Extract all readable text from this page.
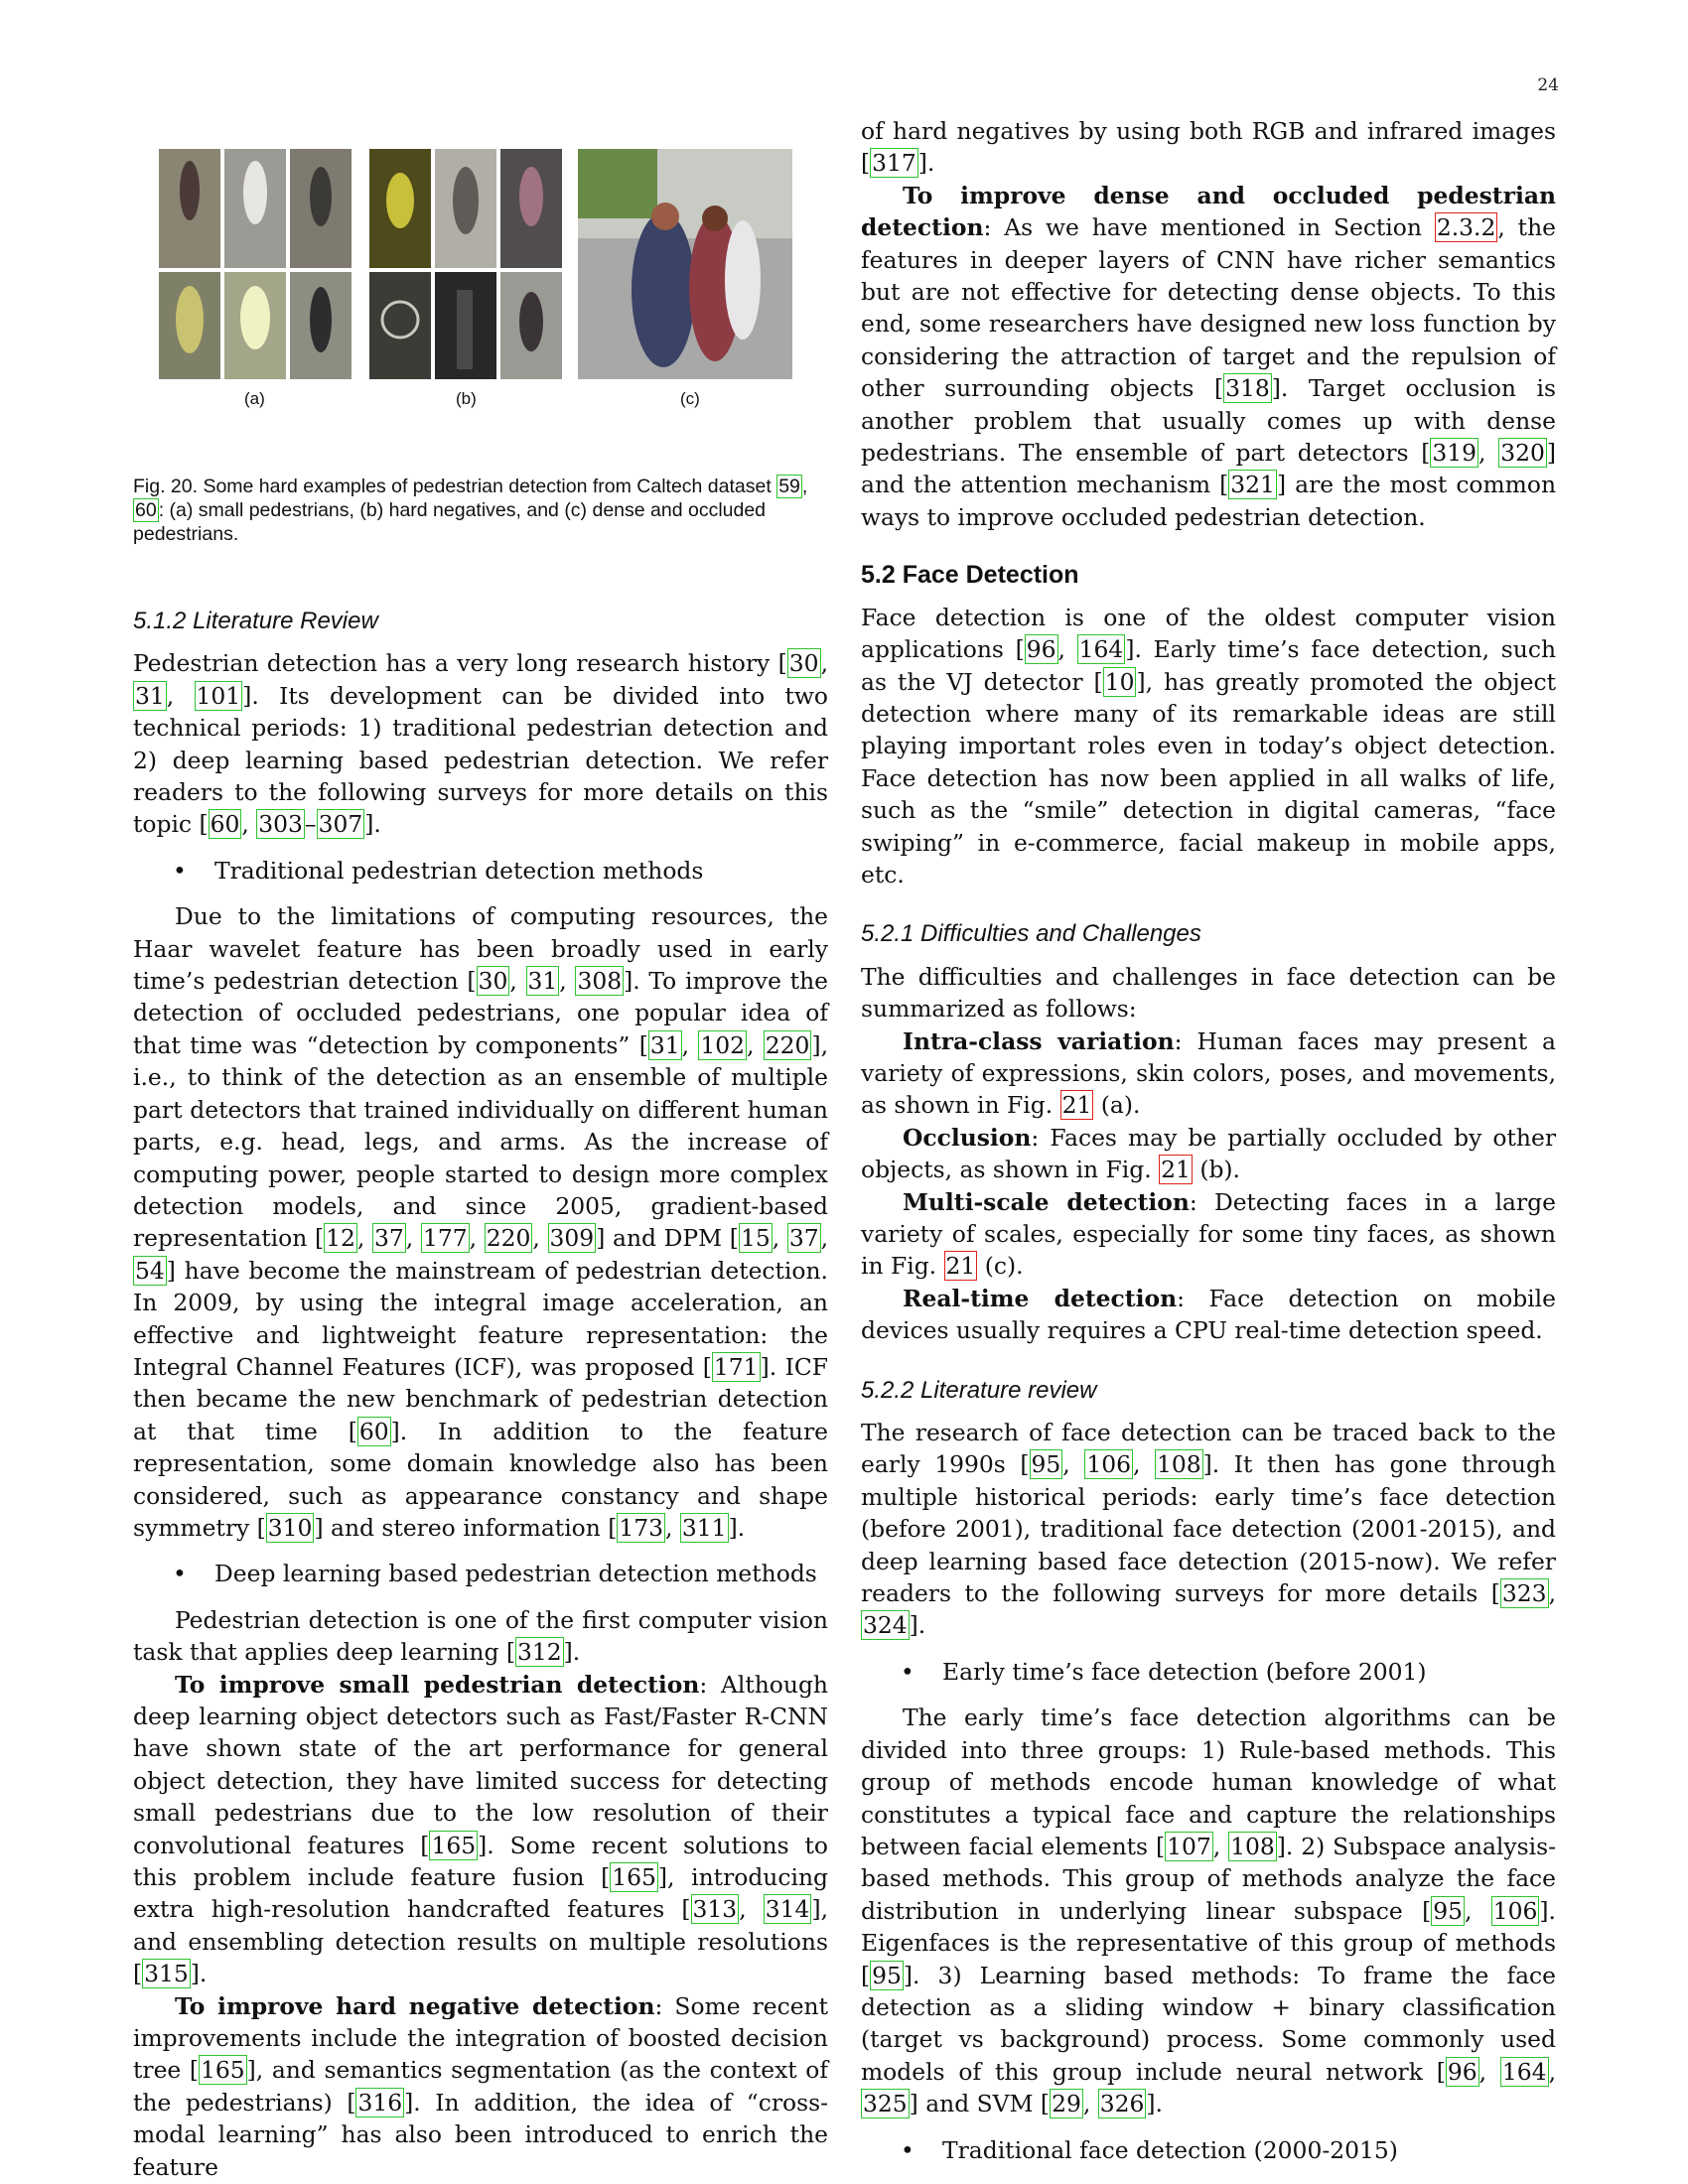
24
(a)	(b)	(c)
Fig. 20. Some hard examples of pedestrian detection from Caltech dataset 59 , 60 : (a) small pedestrians, (b) hard negatives, and (c) dense and occluded pedestrians.
5.1.2 Literature Review

Pedestrian detection has a very long research history [30, 31, 101]. Its development can be divided into two technical periods: 1) traditional pedestrian detection and 2) deep learning based pedestrian detection. We refer readers to the following surveys for more details on this topic [60, 303–307].

• Traditional pedestrian detection methods

Due to the limitations of computing resources, the Haar wavelet feature has been broadly used in early time’s pedestrian detection [30, 31, 308]. To improve the detection of occluded pedestrians, one popular idea of that time was “detection by components” [31, 102, 220], i.e., to think of the detection as an ensemble of multiple part detectors that trained individually on different human parts, e.g. head, legs, and arms. As the increase of computing power, people started to design more complex detection models, and since 2005, gradient-based representation [12, 37, 177, 220, 309] and DPM [15, 37, 54] have become the mainstream of pedestrian detection. In 2009, by using the integral image acceleration, an effective and lightweight feature representation: the Integral Channel Features (ICF), was proposed [171]. ICF then became the new benchmark of pedestrian detection at that time [60]. In addition to the feature representation, some domain knowledge also has been considered, such as appearance constancy and shape symmetry [310] and stereo information [173, 311].

• Deep learning based pedestrian detection methods

Pedestrian detection is one of the first computer vision task that applies deep learning [312].

To improve small pedestrian detection: Although deep learning object detectors such as Fast/Faster R-CNN have shown state of the art performance for general object detection, they have limited success for detecting small pedestrians due to the low resolution of their convolutional features [165]. Some recent solutions to this problem include feature fusion [165], introducing extra high-resolution handcrafted features [313, 314], and ensembling detection results on multiple resolutions [315].

To improve hard negative detection: Some recent improvements include the integration of boosted decision tree [165], and semantics segmentation (as the context of the pedestrians) [316]. In addition, the idea of “cross-modal learning” has also been introduced to enrich the feature

of hard negatives by using both RGB and infrared images [317].

To improve dense and occluded pedestrian detection: As we have mentioned in Section 2.3.2, the features in deeper layers of CNN have richer semantics but are not effective for detecting dense objects. To this end, some researchers have designed new loss function by considering the attraction of target and the repulsion of other surrounding objects [318]. Target occlusion is another problem that usually comes up with dense pedestrians. The ensemble of part detectors [319, 320] and the attention mechanism [321] are the most common ways to improve occluded pedestrian detection.

5.2 Face Detection

Face detection is one of the oldest computer vision applications [96, 164]. Early time’s face detection, such as the VJ detector [10], has greatly promoted the object detection where many of its remarkable ideas are still playing important roles even in today’s object detection. Face detection has now been applied in all walks of life, such as the “smile” detection in digital cameras, “face swiping” in e-commerce, facial makeup in mobile apps, etc.

5.2.1 Difficulties and Challenges

The difficulties and challenges in face detection can be summarized as follows:

Intra-class variation: Human faces may present a variety of expressions, skin colors, poses, and movements, as shown in Fig. 21 (a).

Occlusion: Faces may be partially occluded by other objects, as shown in Fig. 21 (b).

Multi-scale detection: Detecting faces in a large variety of scales, especially for some tiny faces, as shown in Fig. 21 (c).

Real-time detection: Face detection on mobile devices usually requires a CPU real-time detection speed.

5.2.2 Literature review

The research of face detection can be traced back to the early 1990s [95, 106, 108]. It then has gone through multiple historical periods: early time’s face detection (before 2001), traditional face detection (2001-2015), and deep learning based face detection (2015-now). We refer readers to the following surveys for more details [323, 324].

• Early time’s face detection (before 2001)

The early time’s face detection algorithms can be divided into three groups: 1) Rule-based methods. This group of methods encode human knowledge of what constitutes a typical face and capture the relationships between facial elements [107, 108]. 2) Subspace analysis-based methods. This group of methods analyze the face distribution in underlying linear subspace [95, 106]. Eigenfaces is the representative of this group of methods [95]. 3) Learning based methods: To frame the face detection as a sliding window + binary classification (target vs background) process. Some commonly used models of this group include neural network [96, 164, 325] and SVM [29, 326].

• Traditional face detection (2000-2015)
